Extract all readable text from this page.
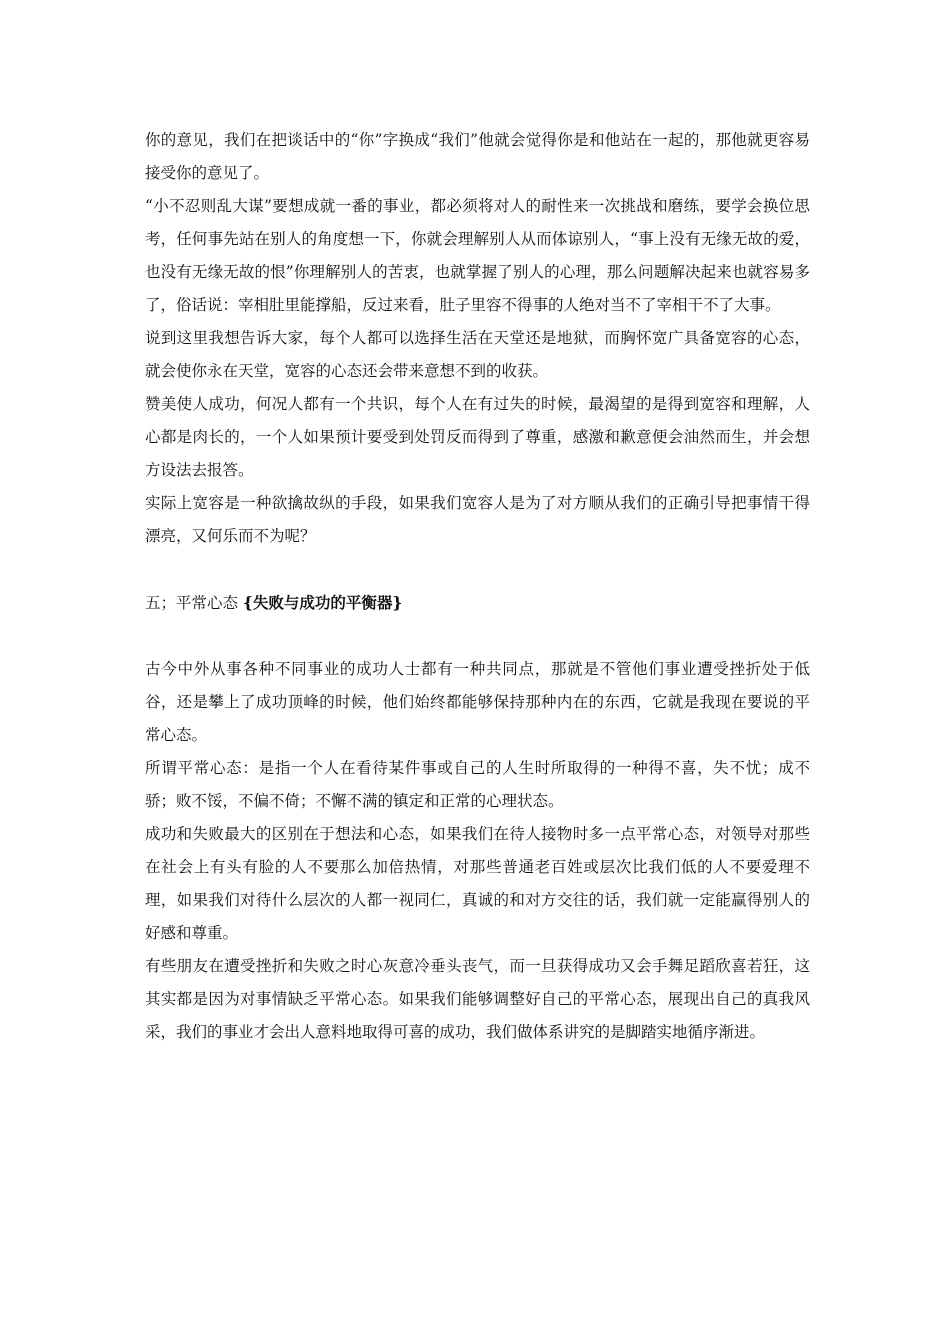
你的意见，我们在把谈话中的“你”字换成“我们”他就会觉得你是和他站在一起的，那他就更容易接受你的意见了。

“小不忍则乱大谋”要想成就一番的事业，都必须将对人的耐性来一次挑战和磨练，要学会换位思考，任何事先站在别人的角度想一下，你就会理解别人从而体谅别人，“事上没有无缘无故的爱，也没有无缘无故的恨”你理解别人的苦衷，也就掌握了别人的心理，那么问题解决起来也就容易多了，俗话说：宰相肚里能撑船，反过来看，肚子里容不得事的人绝对当不了宰相干不了大事。

说到这里我想告诉大家，每个人都可以选择生活在天堂还是地狱，而胸怀宽广具备宽容的心态，就会使你永在天堂，宽容的心态还会带来意想不到的收获。

赞美使人成功，何况人都有一个共识，每个人在有过失的时候，最渴望的是得到宽容和理解，人心都是肉长的，一个人如果预计要受到处罚反而得到了尊重，感激和歉意便会油然而生，并会想方设法去报答。

实际上宽容是一种欲擒故纵的手段，如果我们宽容人是为了对方顺从我们的正确引导把事情干得漂亮，又何乐而不为呢？

五；平常心态 {失败与成功的平衡器}

古今中外从事各种不同事业的成功人士都有一种共同点，那就是不管他们事业遭受挫折处于低谷，还是攀上了成功顶峰的时候，他们始终都能够保持那种内在的东西，它就是我现在要说的平常心态。

所谓平常心态：是指一个人在看待某件事或自己的人生时所取得的一种得不喜，失不忧；成不骄；败不馁，不偏不倚；不懈不满的镇定和正常的心理状态。

成功和失败最大的区别在于想法和心态，如果我们在待人接物时多一点平常心态，对领导对那些在社会上有头有脸的人不要那么加倍热情，对那些普通老百姓或层次比我们低的人不要爱理不理，如果我们对待什么层次的人都一视同仁，真诚的和对方交往的话，我们就一定能赢得别人的好感和尊重。

有些朋友在遭受挫折和失败之时心灰意冷垂头丧气，而一旦获得成功又会手舞足蹈欣喜若狂，这其实都是因为对事情缺乏平常心态。如果我们能够调整好自己的平常心态，展现出自己的真我风采，我们的事业才会出人意料地取得可喜的成功，我们做体系讲究的是脚踏实地循序渐进。
